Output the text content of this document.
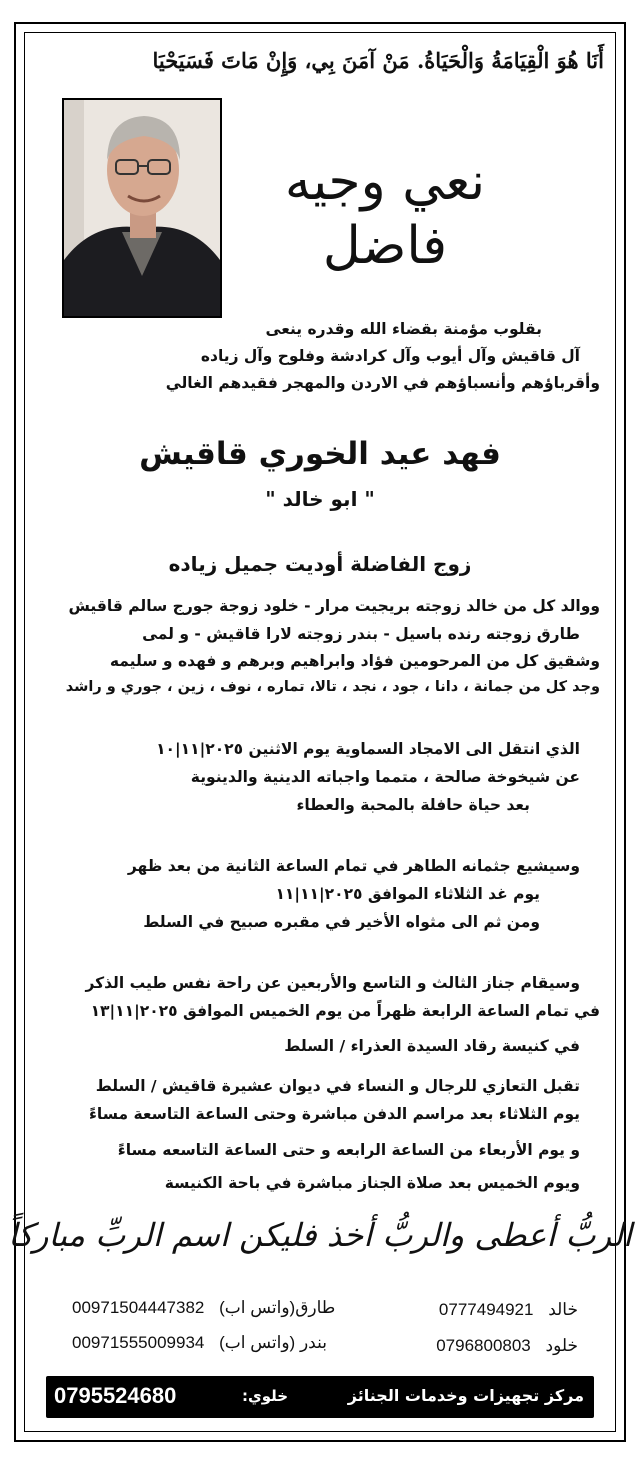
أَنَا هُوَ الْقِيَامَةُ وَالْحَيَاةُ. مَنْ آمَنَ بِي، وَإِنْ مَاتَ فَسَيَحْيَا
نعي وجيه
فاضل
بقلوب مؤمنة بقضاء الله وقدره ينعى
آل قاقيش وآل أيوب وآل كرادشة وفلوح وآل زياده
وأقرباؤهم وأنسباؤهم في الاردن والمهجر فقيدهم الغالي
فهد عيد الخوري قاقيش
" ابو خالد "
زوج الفاضلة أوديت جميل زياده
ووالد كل من خالد زوجته بريجيت مرار - خلود زوجة جورج سالم قاقيش
طارق زوجته رنده باسيل - بندر زوجته لارا قاقيش - و لمى
وشقيق كل من المرحومين فؤاد وابراهيم وبرهم و فهده و سليمه
وجد كل من جمانة ، دانا ، جود ، نجد ، تالا، تماره ، نوف ، زين ، جوري و راشد
الذي انتقل الى الامجاد السماوية يوم الاثنين ٢٠٢٥|١١|١٠
عن شيخوخة صالحة ، متمما واجباته الدينية والدينوية
بعد حياة حافلة بالمحبة والعطاء
وسيشيع جثمانه الطاهر في تمام الساعة الثانية من بعد ظهر
يوم غد الثلاثاء الموافق ٢٠٢٥|١١|١١
ومن ثم الى مثواه الأخير في مقبره صبيح في السلط
وسيقام جناز الثالث و التاسع والأربعين عن راحة نفس طيب الذكر
في تمام الساعة الرابعة ظهراً من يوم الخميس الموافق ٢٠٢٥|١١|١٣
في كنيسة رقاد السيدة العذراء / السلط
تقبل التعازي للرجال و النساء في ديوان عشيرة قاقيش / السلط
يوم الثلاثاء بعد مراسم الدفن مباشرة وحتى الساعة التاسعة مساءً
و يوم الأربعاء من الساعة الرابعه و حتى الساعة التاسعه مساءً
ويوم الخميس بعد صلاة الجناز مباشرة في باحة الكنيسة
الربُّ أعطى والربُّ أخذ فليكن اسم الربِّ مباركاً
خالد 0777494921
خلود 0796800803
00971504447382 طارق(واتس اب)
00971555009934 بندر (واتس اب)
0795524680	خلوي:	مركز تجهيزات وخدمات الجنائز
